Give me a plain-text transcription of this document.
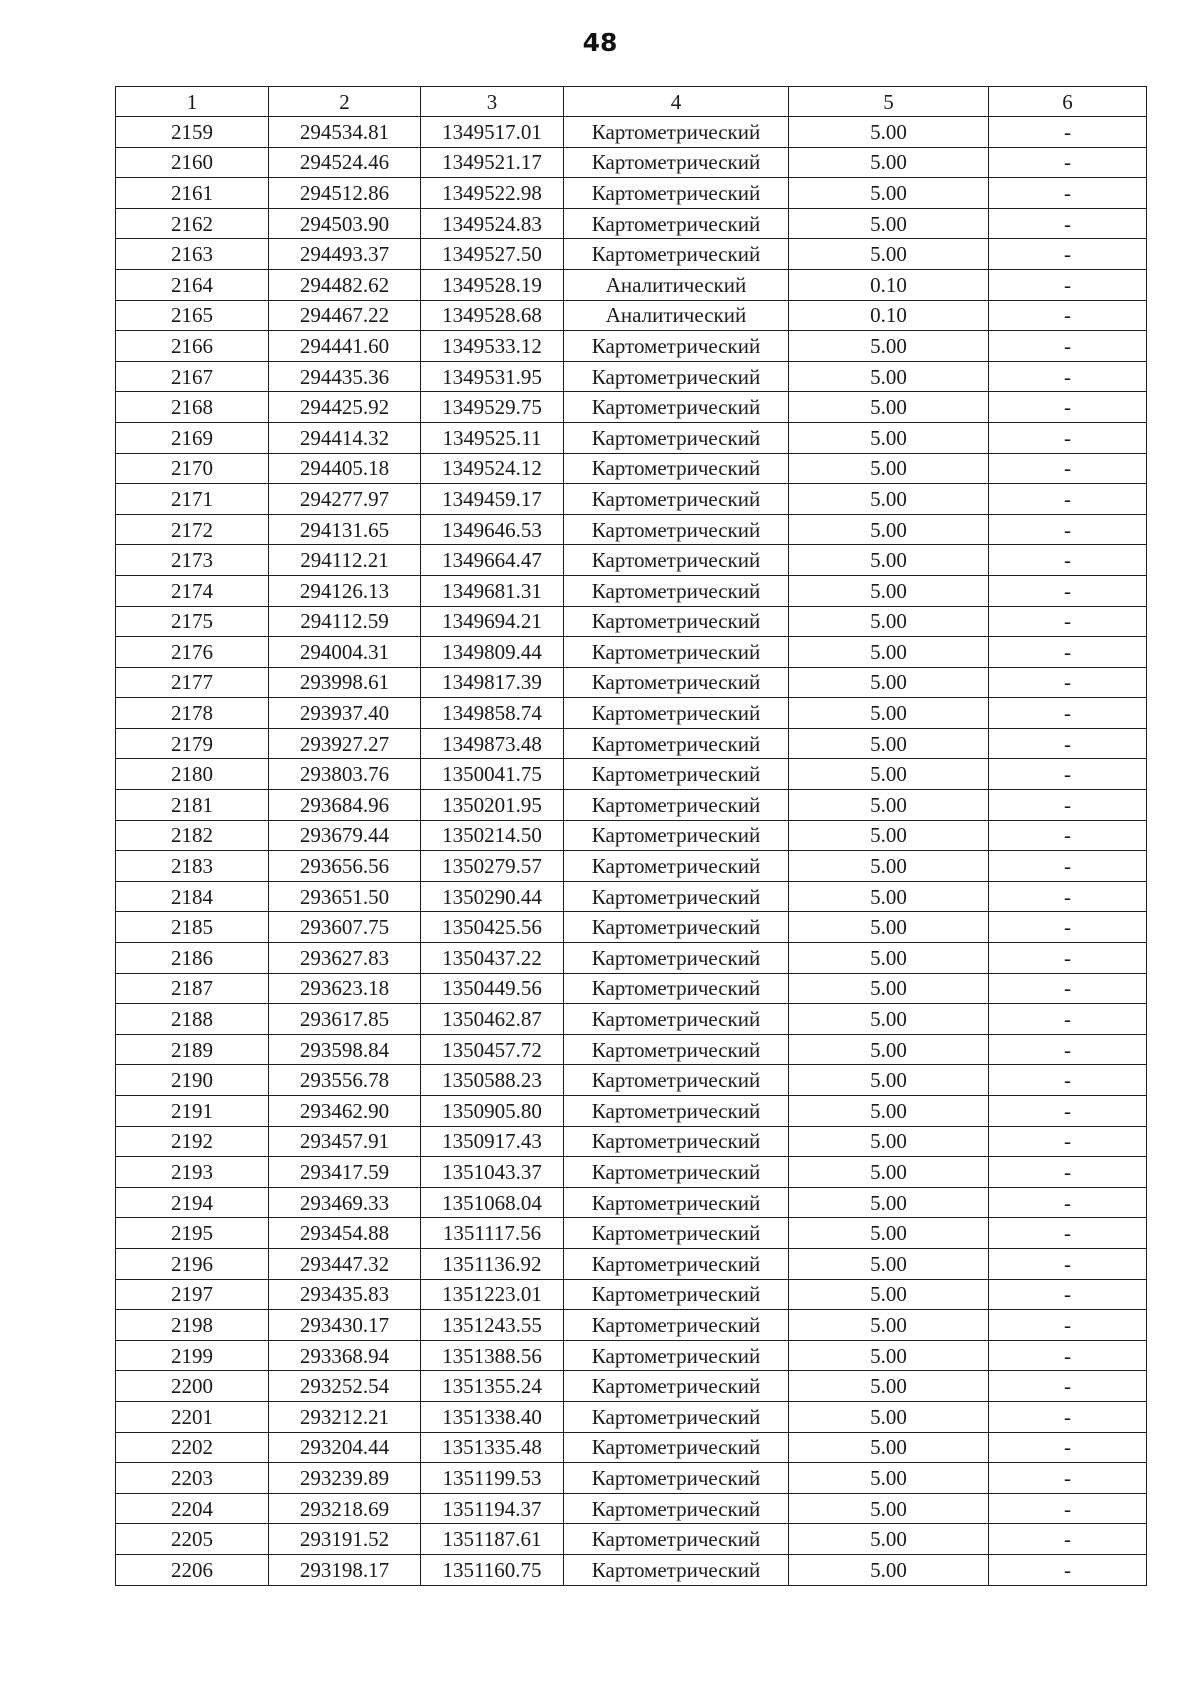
48
1	2	3	4	5	6
2159	294534.81	1349517.01	Картометрический	5.00	-
2160	294524.46	1349521.17	Картометрический	5.00	-
2161	294512.86	1349522.98	Картометрический	5.00	-
2162	294503.90	1349524.83	Картометрический	5.00	-
2163	294493.37	1349527.50	Картометрический	5.00	-
2164	294482.62	1349528.19	Аналитический	0.10	-
2165	294467.22	1349528.68	Аналитический	0.10	-
2166	294441.60	1349533.12	Картометрический	5.00	-
2167	294435.36	1349531.95	Картометрический	5.00	-
2168	294425.92	1349529.75	Картометрический	5.00	-
2169	294414.32	1349525.11	Картометрический	5.00	-
2170	294405.18	1349524.12	Картометрический	5.00	-
2171	294277.97	1349459.17	Картометрический	5.00	-
2172	294131.65	1349646.53	Картометрический	5.00	-
2173	294112.21	1349664.47	Картометрический	5.00	-
2174	294126.13	1349681.31	Картометрический	5.00	-
2175	294112.59	1349694.21	Картометрический	5.00	-
2176	294004.31	1349809.44	Картометрический	5.00	-
2177	293998.61	1349817.39	Картометрический	5.00	-
2178	293937.40	1349858.74	Картометрический	5.00	-
2179	293927.27	1349873.48	Картометрический	5.00	-
2180	293803.76	1350041.75	Картометрический	5.00	-
2181	293684.96	1350201.95	Картометрический	5.00	-
2182	293679.44	1350214.50	Картометрический	5.00	-
2183	293656.56	1350279.57	Картометрический	5.00	-
2184	293651.50	1350290.44	Картометрический	5.00	-
2185	293607.75	1350425.56	Картометрический	5.00	-
2186	293627.83	1350437.22	Картометрический	5.00	-
2187	293623.18	1350449.56	Картометрический	5.00	-
2188	293617.85	1350462.87	Картометрический	5.00	-
2189	293598.84	1350457.72	Картометрический	5.00	-
2190	293556.78	1350588.23	Картометрический	5.00	-
2191	293462.90	1350905.80	Картометрический	5.00	-
2192	293457.91	1350917.43	Картометрический	5.00	-
2193	293417.59	1351043.37	Картометрический	5.00	-
2194	293469.33	1351068.04	Картометрический	5.00	-
2195	293454.88	1351117.56	Картометрический	5.00	-
2196	293447.32	1351136.92	Картометрический	5.00	-
2197	293435.83	1351223.01	Картометрический	5.00	-
2198	293430.17	1351243.55	Картометрический	5.00	-
2199	293368.94	1351388.56	Картометрический	5.00	-
2200	293252.54	1351355.24	Картометрический	5.00	-
2201	293212.21	1351338.40	Картометрический	5.00	-
2202	293204.44	1351335.48	Картометрический	5.00	-
2203	293239.89	1351199.53	Картометрический	5.00	-
2204	293218.69	1351194.37	Картометрический	5.00	-
2205	293191.52	1351187.61	Картометрический	5.00	-
2206	293198.17	1351160.75	Картометрический	5.00	-
